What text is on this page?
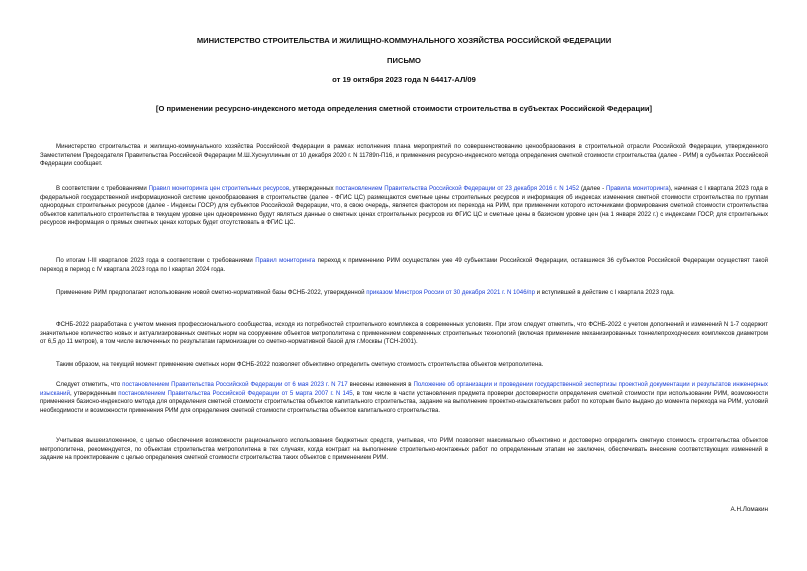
МИНИСТЕРСТВО СТРОИТЕЛЬСТВА И ЖИЛИЩНО-КОММУНАЛЬНОГО ХОЗЯЙСТВА РОССИЙСКОЙ ФЕДЕРАЦИИ
ПИСЬМО
от 19 октября 2023 года N 64417-АЛ/09
[О применении ресурсно-индексного метода определения сметной стоимости строительства в субъектах Российской Федерации]
Министерство строительства и жилищно-коммунального хозяйства Российской Федерации в рамках исполнения плана мероприятий по совершенствованию ценообразования в строительной отрасли Российской Федерации, утвержденного Заместителем Председателя Правительства Российской Федерации М.Ш.Хуснуллиным от 10 декабря 2020 г. N 11789п-П16, и применения ресурсно-индексного метода определения сметной стоимости строительства (далее - РИМ) в субъектах Российской Федерации сообщает.
В соответствии с требованиями Правил мониторинга цен строительных ресурсов, утвержденных постановлением Правительства Российской Федерации от 23 декабря 2016 г. N 1452 (далее - Правила мониторинга), начиная с I квартала 2023 года в федеральной государственной информационной системе ценообразования в строительстве (далее - ФГИС ЦС) размещаются сметные цены строительных ресурсов и информация об индексах изменения сметной стоимости строительства по группам однородных строительных ресурсов (далее - Индексы ГОСР) для субъектов Российской Федерации, что, в свою очередь, является фактором их перехода на РИМ, при применении которого источниками формирования сметной стоимости строительства объектов капитального строительства в текущем уровне цен одновременно будут являться данные о сметных ценах строительных ресурсов из ФГИС ЦС и сметные цены в базисном уровне цен (на 1 января 2022 г.) с индексами ГОСР, для строительных ресурсов информация о прямых сметных ценах которых будет отсутствовать в ФГИС ЦС.
По итогам I-III кварталов 2023 года в соответствии с требованиями Правил мониторинга переход к применению РИМ осуществлен уже 49 субъектами Российской Федерации, оставшиеся 36 субъектов Российской Федерации осуществят такой переход в период с IV квартала 2023 года по I квартал 2024 года.
Применение РИМ предполагает использование новой сметно-нормативной базы ФСНБ-2022, утвержденной приказом Минстроя России от 30 декабря 2021 г. N 1046/пр и вступившей в действие с I квартала 2023 года.
ФСНБ-2022 разработана с учетом мнения профессионального сообщества, исходя из потребностей строительного комплекса в современных условиях. При этом следует отметить, что ФСНБ-2022 с учетом дополнений и изменений N 1-7 содержит значительное количество новых и актуализированных сметных норм на сооружение объектов метрополитена с применением современных строительных технологий (включая применение механизированных тоннелепроходческих комплексов диаметром от 6,5 до 11 метров), в том числе включенных по результатам гармонизации со сметно-нормативной базой для г.Москвы (ТСН-2001).
Таким образом, на текущий момент применение сметных норм ФСНБ-2022 позволяет объективно определить сметную стоимость строительства объектов метрополитена.
Следует отметить, что постановлением Правительства Российской Федерации от 6 мая 2023 г. N 717 внесены изменения в Положение об организации и проведении государственной экспертизы проектной документации и результатов инженерных изысканий, утвержденным постановлением Правительства Российской Федерации от 5 марта 2007 г. N 145, в том числе в части установления предмета проверки достоверности определения сметной стоимости при использовании РИМ, возможности применения базисно-индексного метода для определения сметной стоимости строительства объектов капитального строительства, задание на выполнение проектно-изыскательских работ по которым было выдано до момента перехода на РИМ, условий необходимости и возможности применения РИМ для определения сметной стоимости строительства объектов капитального строительства.
Учитывая вышеизложенное, с целью обеспечения возможности рационального использования бюджетных средств, учитывая, что РИМ позволяет максимально объективно и достоверно определить сметную стоимость строительства объектов метрополитена, рекомендуется, по объектам строительства метрополитена в тех случаях, когда контракт на выполнение строительно-монтажных работ по определенным этапам не заключен, обеспечивать внесение соответствующих изменений в задание на проектирование с целью определения сметной стоимости строительства таких объектов с применением РИМ.
А.Н.Ломакин
